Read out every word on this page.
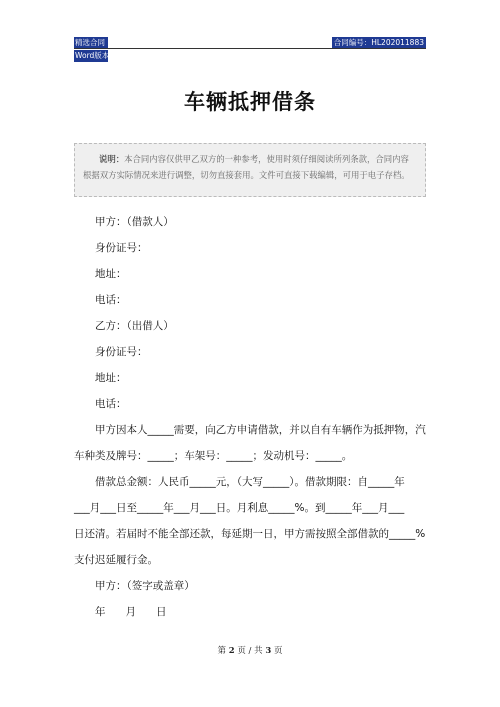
精选合同
Word版本
合同编号：HL202011883
车辆抵押借条
说明：本合同内容仅供甲乙双方的一种参考，使用时须仔细阅读所列条款，合同内容根据双方实际情况来进行调整，切勿直接套用。文件可直接下载编辑，可用于电子存档。
甲方：（借款人）
身份证号：
地址：
电话：
乙方：（出借人）
身份证号：
地址：
电话：
甲方因本人_____需要，向乙方申请借款，并以自有车辆作为抵押物，汽
车种类及牌号：_____；车架号：_____；发动机号：_____。
借款总金额：人民币_____元，（大写_____）。借款期限：自_____年
___月___日至_____年___月___日。月利息_____%。到_____年___月___
日还清。若届时不能全部还款，每延期一日，甲方需按照全部借款的_____%
支付迟延履行金。
甲方：（签字或盖章）
年      月      日
第 2 页 / 共 3 页
